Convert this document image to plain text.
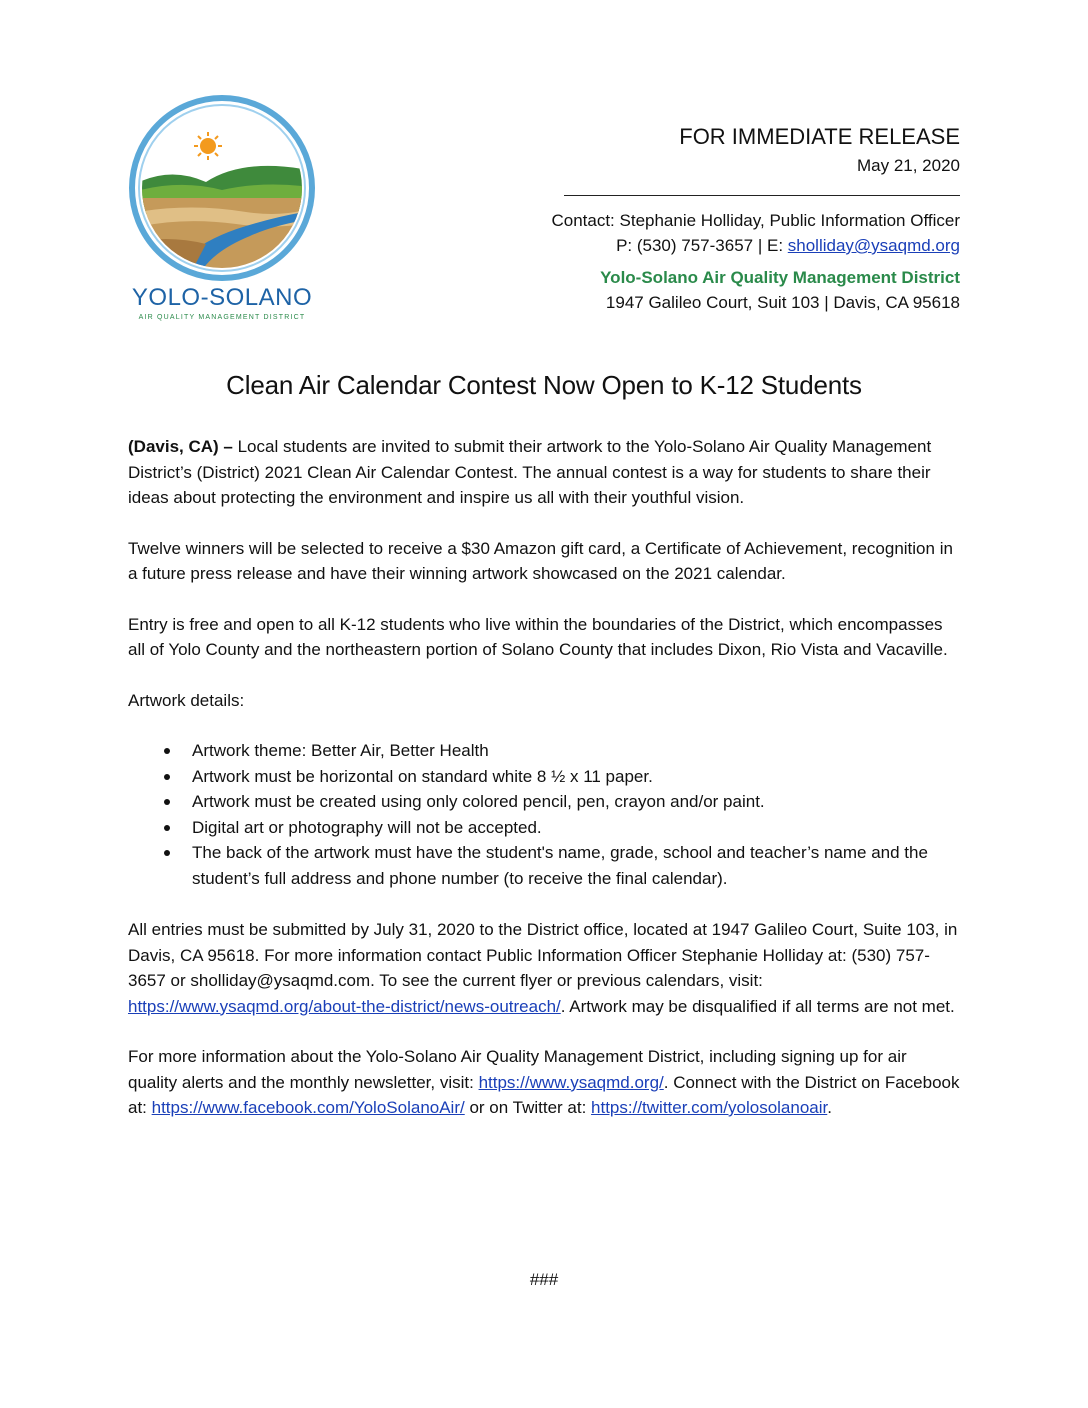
YOLO-SOLANO
AIR QUALITY MANAGEMENT DISTRICT
FOR IMMEDIATE RELEASE
May 21, 2020
Contact: Stephanie Holliday, Public Information Officer
P: (530) 757-3657 | E: sholliday@ysaqmd.org
Yolo-Solano Air Quality Management District
1947 Galileo Court, Suit 103 | Davis, CA 95618
Clean Air Calendar Contest Now Open to K-12 Students

(Davis, CA) – Local students are invited to submit their artwork to the Yolo-Solano Air Quality Management District’s (District) 2021 Clean Air Calendar Contest. The annual contest is a way for students to share their ideas about protecting the environment and inspire us all with their youthful vision.

Twelve winners will be selected to receive a $30 Amazon gift card, a Certificate of Achievement, recognition in a future press release and have their winning artwork showcased on the 2021 calendar.

Entry is free and open to all K-12 students who live within the boundaries of the District, which encompasses all of Yolo County and the northeastern portion of Solano County that includes Dixon, Rio Vista and Vacaville.

Artwork details:

Artwork theme: Better Air, Better Health
Artwork must be horizontal on standard white 8 ½ x 11 paper.
Artwork must be created using only colored pencil, pen, crayon and/or paint.
Digital art or photography will not be accepted.
The back of the artwork must have the student's name, grade, school and teacher’s name and the student’s full address and phone number (to receive the final calendar).

All entries must be submitted by July 31, 2020 to the District office, located at 1947 Galileo Court, Suite 103, in Davis, CA 95618. For more information contact Public Information Officer Stephanie Holliday at: (530) 757-3657 or sholliday@ysaqmd.com. To see the current flyer or previous calendars, visit: https://www.ysaqmd.org/about-the-district/news-outreach/. Artwork may be disqualified if all terms are not met.

For more information about the Yolo-Solano Air Quality Management District, including signing up for air quality alerts and the monthly newsletter, visit: https://www.ysaqmd.org/. Connect with the District on Facebook at: https://www.facebook.com/YoloSolanoAir/ or on Twitter at: https://twitter.com/yolosolanoair.

###
